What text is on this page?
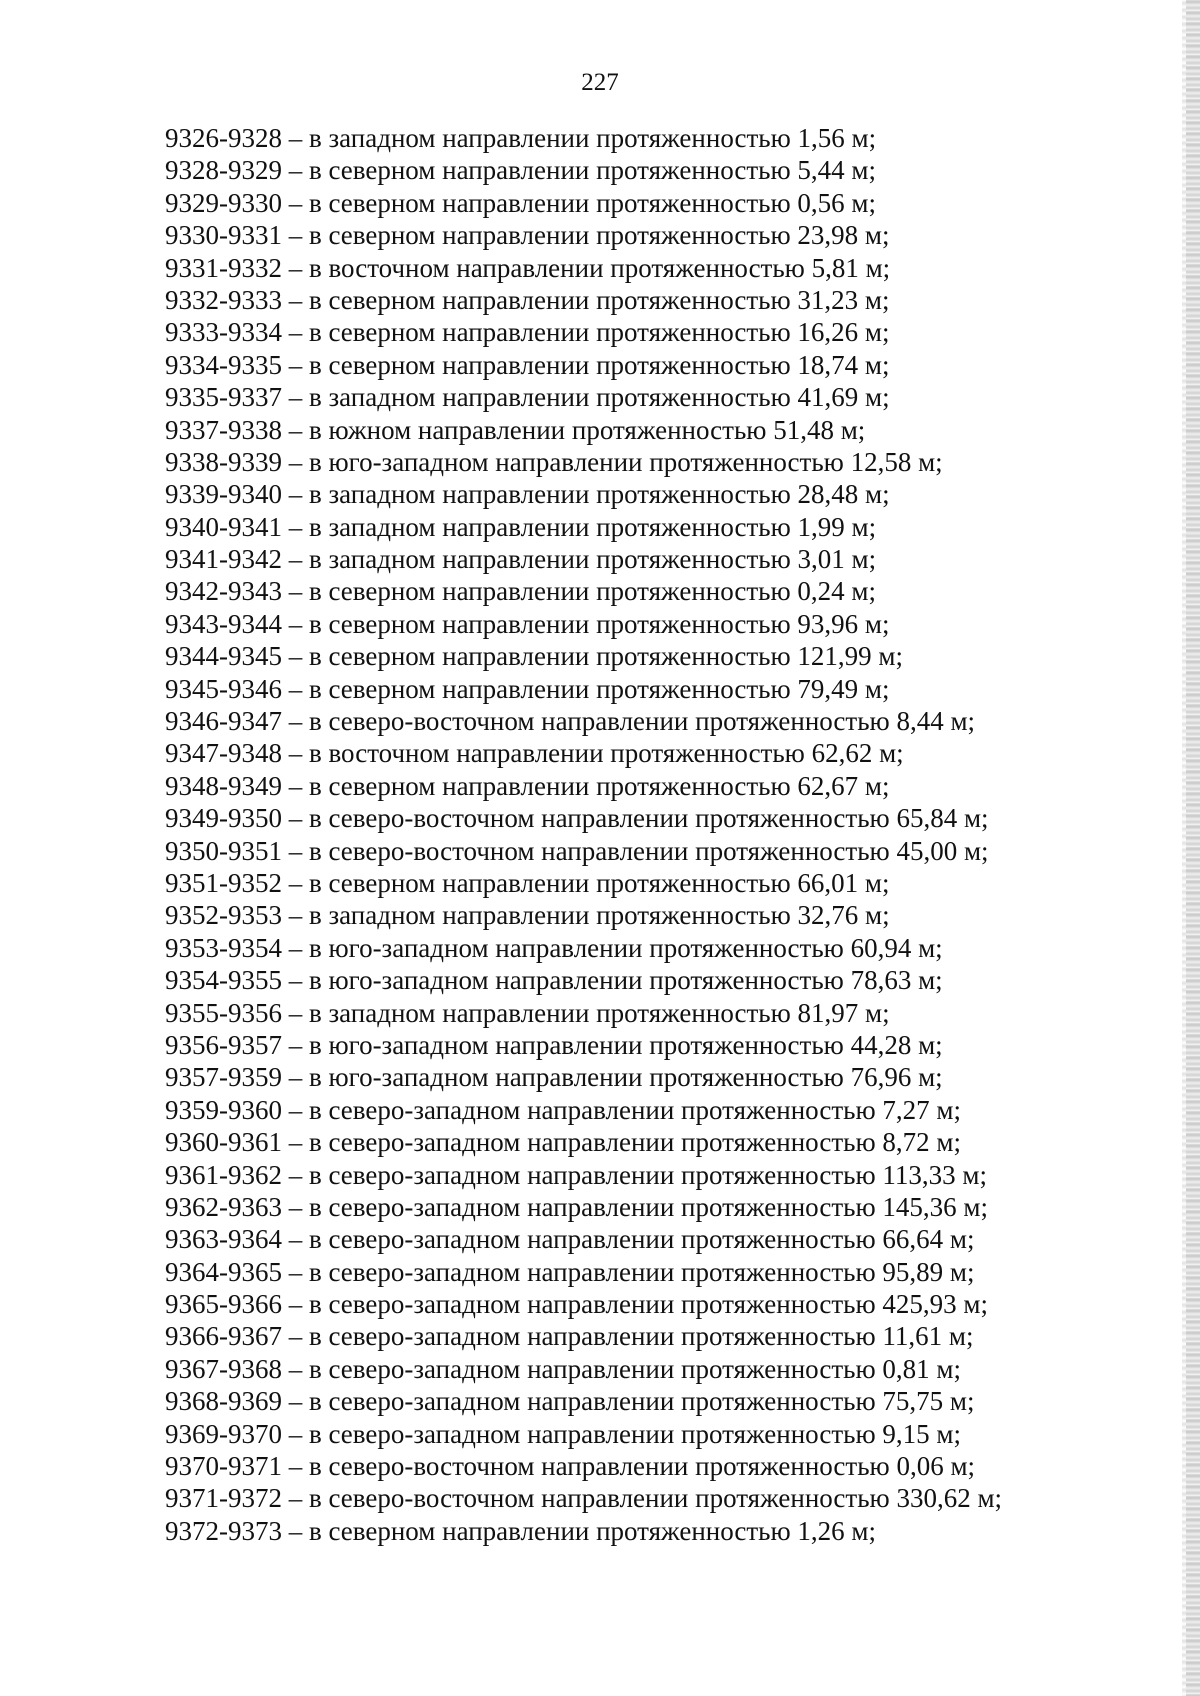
227
9326-9328 – в западном направлении протяженностью 1,56 м;
9328-9329 – в северном направлении протяженностью 5,44 м;
9329-9330 – в северном направлении протяженностью 0,56 м;
9330-9331 – в северном направлении протяженностью 23,98 м;
9331-9332 – в восточном направлении протяженностью 5,81 м;
9332-9333 – в северном направлении протяженностью 31,23 м;
9333-9334 – в северном направлении протяженностью 16,26 м;
9334-9335 – в северном направлении протяженностью 18,74 м;
9335-9337 – в западном направлении протяженностью 41,69 м;
9337-9338 – в южном направлении протяженностью 51,48 м;
9338-9339 – в юго-западном направлении протяженностью 12,58 м;
9339-9340 – в западном направлении протяженностью 28,48 м;
9340-9341 – в западном направлении протяженностью 1,99 м;
9341-9342 – в западном направлении протяженностью 3,01 м;
9342-9343 – в северном направлении протяженностью 0,24 м;
9343-9344 – в северном направлении протяженностью 93,96 м;
9344-9345 – в северном направлении протяженностью 121,99 м;
9345-9346 – в северном направлении протяженностью 79,49 м;
9346-9347 – в северо-восточном направлении протяженностью 8,44 м;
9347-9348 – в восточном направлении протяженностью 62,62 м;
9348-9349 – в северном направлении протяженностью 62,67 м;
9349-9350 – в северо-восточном направлении протяженностью 65,84 м;
9350-9351 – в северо-восточном направлении протяженностью 45,00 м;
9351-9352 – в северном направлении протяженностью 66,01 м;
9352-9353 – в западном направлении протяженностью 32,76 м;
9353-9354 – в юго-западном направлении протяженностью 60,94 м;
9354-9355 – в юго-западном направлении протяженностью 78,63 м;
9355-9356 – в западном направлении протяженностью 81,97 м;
9356-9357 – в юго-западном направлении протяженностью 44,28 м;
9357-9359 – в юго-западном направлении протяженностью 76,96 м;
9359-9360 – в северо-западном направлении протяженностью 7,27 м;
9360-9361 – в северо-западном направлении протяженностью 8,72 м;
9361-9362 – в северо-западном направлении протяженностью 113,33 м;
9362-9363 – в северо-западном направлении протяженностью 145,36 м;
9363-9364 – в северо-западном направлении протяженностью 66,64 м;
9364-9365 – в северо-западном направлении протяженностью 95,89 м;
9365-9366 – в северо-западном направлении протяженностью 425,93 м;
9366-9367 – в северо-западном направлении протяженностью 11,61 м;
9367-9368 – в северо-западном направлении протяженностью 0,81 м;
9368-9369 – в северо-западном направлении протяженностью 75,75 м;
9369-9370 – в северо-западном направлении протяженностью 9,15 м;
9370-9371 – в северо-восточном направлении протяженностью 0,06 м;
9371-9372 – в северо-восточном направлении протяженностью 330,62 м;
9372-9373 – в северном направлении протяженностью 1,26 м;
